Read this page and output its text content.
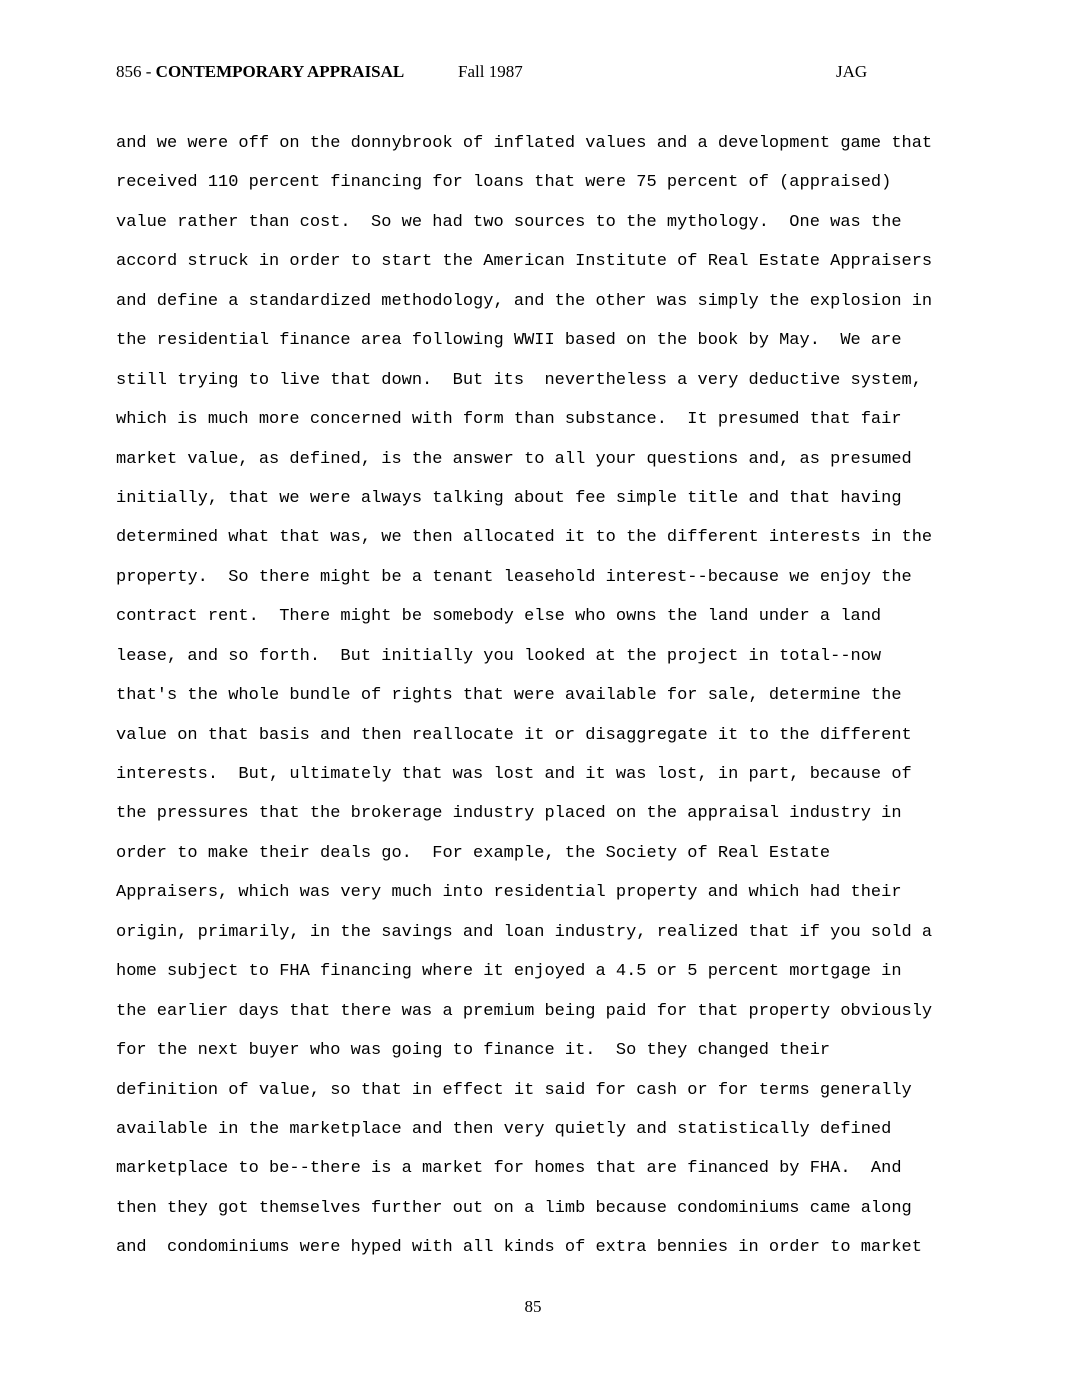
856 - CONTEMPORARY APPRAISAL	Fall 1987	JAG
and we were off on the donnybrook of inflated values and a development game that
received 110 percent financing for loans that were 75 percent of (appraised)
value rather than cost.  So we had two sources to the mythology.  One was the
accord struck in order to start the American Institute of Real Estate Appraisers
and define a standardized methodology, and the other was simply the explosion in
the residential finance area following WWII based on the book by May.  We are
still trying to live that down.  But its  nevertheless a very deductive system,
which is much more concerned with form than substance.  It presumed that fair
market value, as defined, is the answer to all your questions and, as presumed
initially, that we were always talking about fee simple title and that having
determined what that was, we then allocated it to the different interests in the
property.  So there might be a tenant leasehold interest--because we enjoy the
contract rent.  There might be somebody else who owns the land under a land
lease, and so forth.  But initially you looked at the project in total--now
that's the whole bundle of rights that were available for sale, determine the
value on that basis and then reallocate it or disaggregate it to the different
interests.  But, ultimately that was lost and it was lost, in part, because of
the pressures that the brokerage industry placed on the appraisal industry in
order to make their deals go.  For example, the Society of Real Estate
Appraisers, which was very much into residential property and which had their
origin, primarily, in the savings and loan industry, realized that if you sold a
home subject to FHA financing where it enjoyed a 4.5 or 5 percent mortgage in
the earlier days that there was a premium being paid for that property obviously
for the next buyer who was going to finance it.  So they changed their
definition of value, so that in effect it said for cash or for terms generally
available in the marketplace and then very quietly and statistically defined
marketplace to be--there is a market for homes that are financed by FHA.  And
then they got themselves further out on a limb because condominiums came along
and  condominiums were hyped with all kinds of extra bennies in order to market
85
